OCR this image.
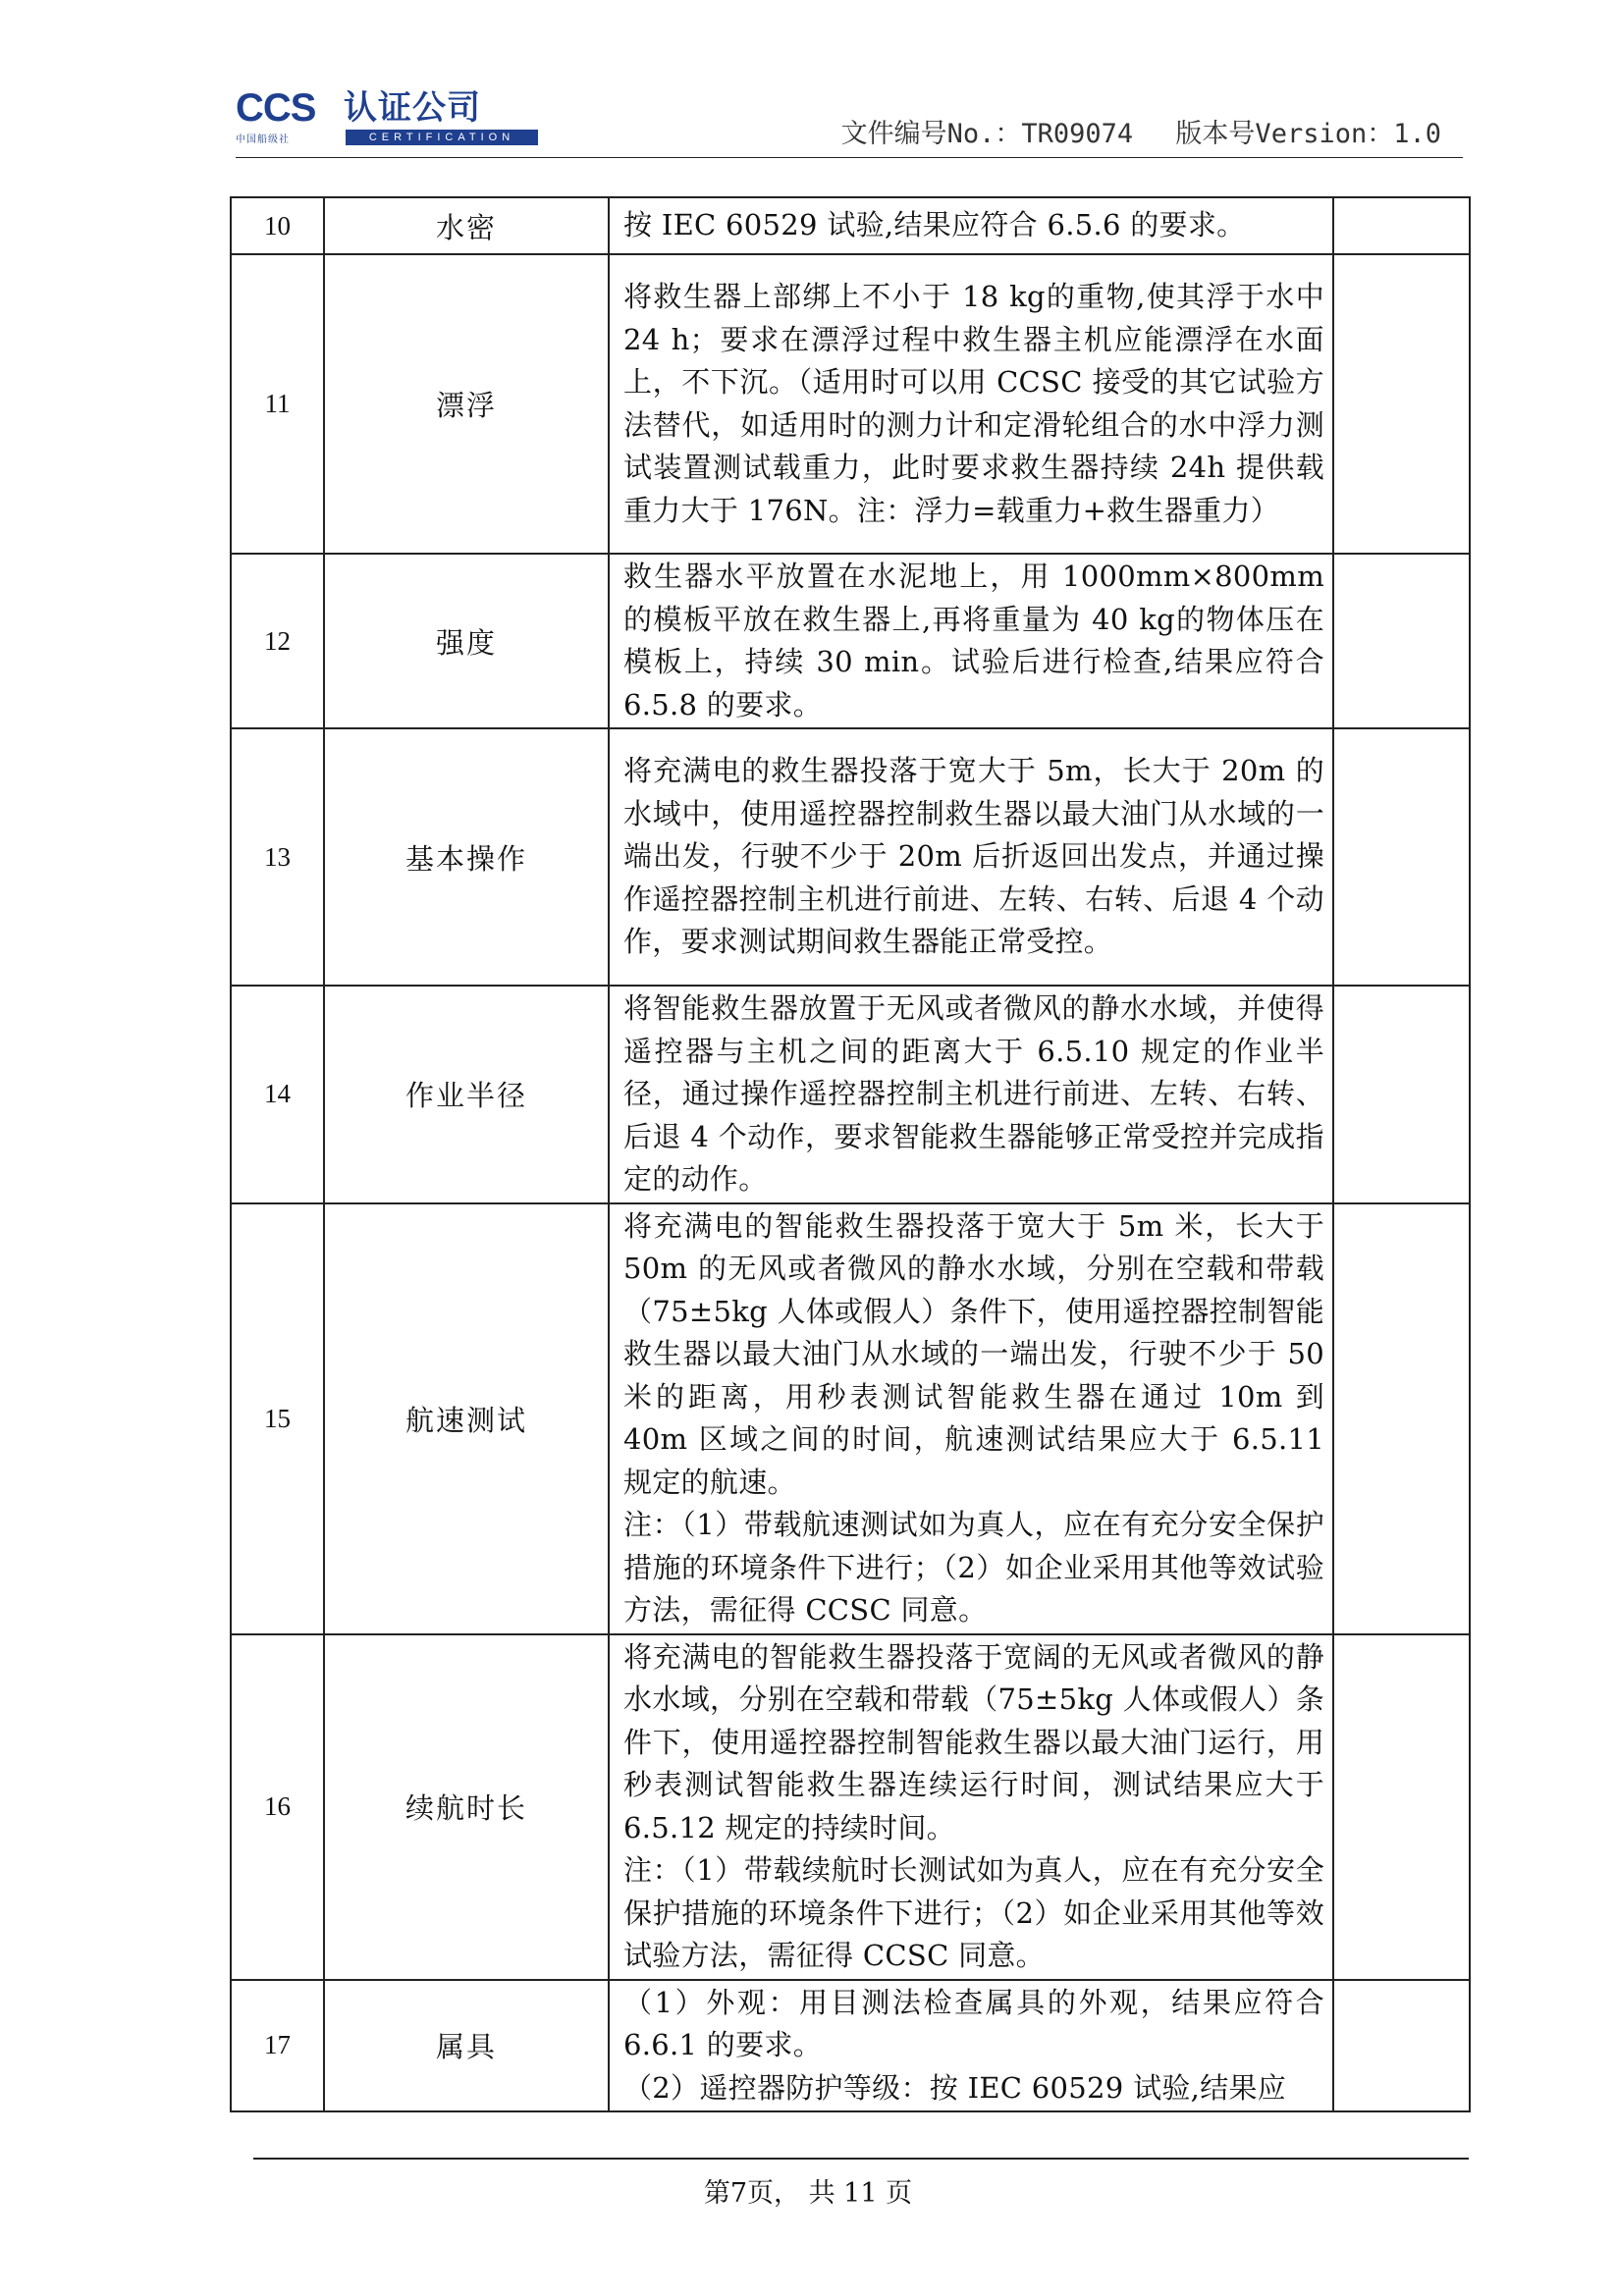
CCS 认证公司
中国船级社	CERTIFICATION	文件编号No.：TR09074　 版本号Version：1.0
10	水密	按 IEC 60529 试验,结果应符合 6.5.6 的要求。	

11	漂浮	将救生器上部绑上不小于 18 kg的重物,使其浮于水中 24 h；要求在漂浮过程中救生器主机应能漂浮在水面上，不下沉。（适用时可以用 CCSC 接受的其它试验方法替代，如适用时的测力计和定滑轮组合的水中浮力测试装置测试载重力，此时要求救生器持续 24h 提供载重力大于 176N。注：浮力=载重力+救生器重力）	

12	强度	救生器水平放置在水泥地上，用 1000mm×800mm 的模板平放在救生器上,再将重量为 40 kg的物体压在模板上，持续 30 min。试验后进行检查,结果应符合 6.5.8 的要求。	

13	基本操作	将充满电的救生器投落于宽大于 5m，长大于 20m 的水域中，使用遥控器控制救生器以最大油门从水域的一端出发，行驶不少于 20m 后折返回出发点，并通过操作遥控器控制主机进行前进、左转、右转、后退 4 个动作，要求测试期间救生器能正常受控。	

14	作业半径	将智能救生器放置于无风或者微风的静水水域，并使得遥控器与主机之间的距离大于 6.5.10 规定的作业半径，通过操作遥控器控制主机进行前进、左转、右转、后退 4 个动作，要求智能救生器能够正常受控并完成指定的动作。	

15	航速测试	将充满电的智能救生器投落于宽大于 5m 米，长大于 50m 的无风或者微风的静水水域，分别在空载和带载（75±5kg 人体或假人）条件下，使用遥控器控制智能救生器以最大油门从水域的一端出发，行驶不少于 50 米的距离，用秒表测试智能救生器在通过 10m 到 40m 区域之间的时间，航速测试结果应大于 6.5.11 规定的航速。

注：（1）带载航速测试如为真人，应在有充分安全保护措施的环境条件下进行；（2）如企业采用其他等效试验方法，需征得 CCSC 同意。	

16	续航时长	将充满电的智能救生器投落于宽阔的无风或者微风的静水水域，分别在空载和带载（75±5kg 人体或假人）条件下，使用遥控器控制智能救生器以最大油门运行，用秒表测试智能救生器连续运行时间，测试结果应大于 6.5.12 规定的持续时间。

注：（1）带载续航时长测试如为真人，应在有充分安全保护措施的环境条件下进行；（2）如企业采用其他等效试验方法，需征得 CCSC 同意。	

17	属具	（1）外观：用目测法检查属具的外观，结果应符合 6.6.1 的要求。

（2）遥控器防护等级：按 IEC 60529 试验,结果应	

第7页， 共 11 页
